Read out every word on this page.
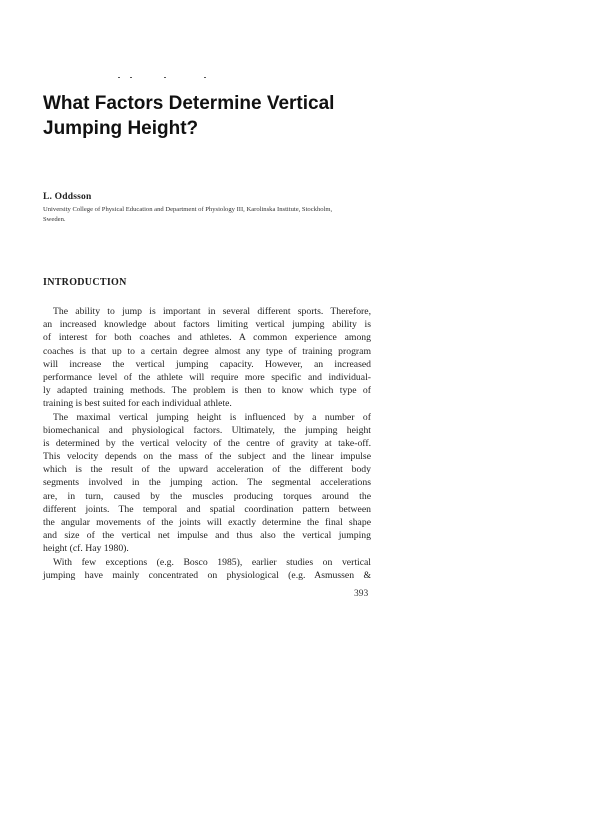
What Factors Determine Vertical
Jumping Height?
L. Oddsson
University College of Physical Education and Department of Physiology III, Karolinska Institute, Stockholm,
Sweden.
INTRODUCTION
The ability to jump is important in several different sports. Therefore,
an increased knowledge about factors limiting vertical jumping ability is
of interest for both coaches and athletes. A common experience among
coaches is that up to a certain degree almost any type of training program
will increase the vertical jumping capacity. However, an increased
performance level of the athlete will require more specific and individual-
ly adapted training methods. The problem is then to know which type of
training is best suited for each individual athlete.
The maximal vertical jumping height is influenced by a number of
biomechanical and physiological factors. Ultimately, the jumping height
is determined by the vertical velocity of the centre of gravity at take-off.
This velocity depends on the mass of the subject and the linear impulse
which is the result of the upward acceleration of the different body
segments involved in the jumping action. The segmental accelerations
are, in turn, caused by the muscles producing torques around the
different joints. The temporal and spatial coordination pattern between
the angular movements of the joints will exactly determine the final shape
and size of the vertical net impulse and thus also the vertical jumping
height (cf. Hay 1980).
With few exceptions (e.g. Bosco 1985), earlier studies on vertical
jumping have mainly concentrated on physiological (e.g. Asmussen &
393
